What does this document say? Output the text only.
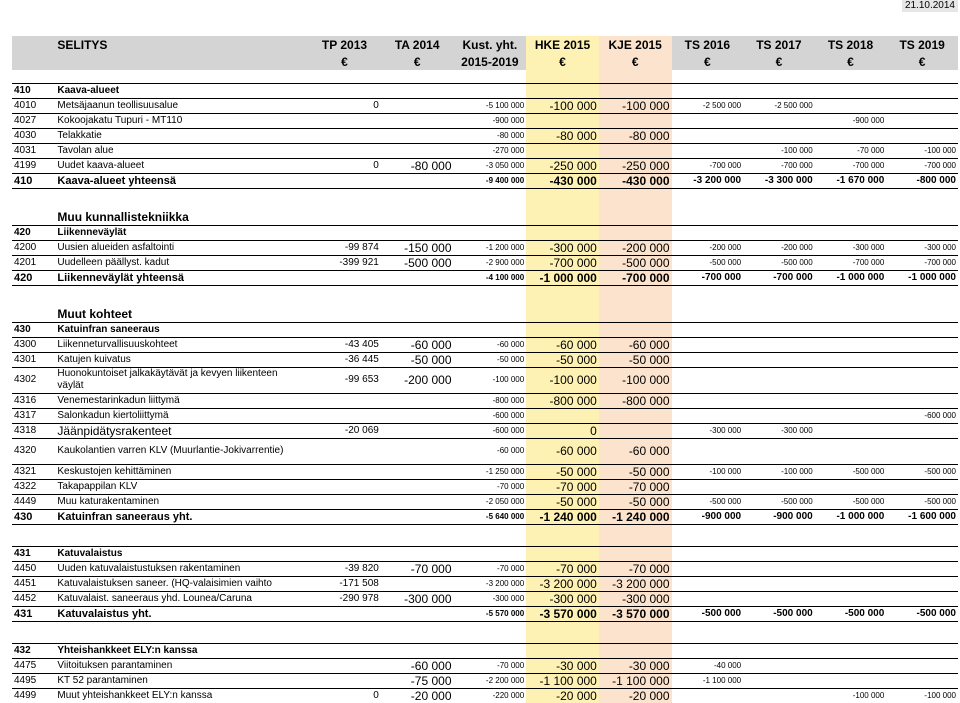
21.10.2014
	SELITYS	TP 2013	TA 2014	Kust. yht.	HKE 2015	KJE 2015	TS 2016	TS 2017	TS 2018	TS 2019
		€	€	2015-2019	€	€	€	€	€	€

410	Kaava-alueet									
4010	Metsäjaanun teollisuusalue	0		-5 100 000	-100 000	-100 000	-2 500 000	-2 500 000		
4027	Kokoojakatu Tupuri - MT110			-900 000					-900 000	
4030	Telakkatie			-80 000	-80 000	-80 000				
4031	Tavolan alue			-270 000				-100 000	-70 000	-100 000
4199	Uudet kaava-alueet	0	-80 000	-3 050 000	-250 000	-250 000	-700 000	-700 000	-700 000	-700 000
410	Kaava-alueet yhteensä			-9 400 000	-430 000	-430 000	-3 200 000	-3 300 000	-1 670 000	-800 000

	Muu kunnallistekniikka									
420	Liikenneväylät									
4200	Uusien alueiden asfaltointi	-99 874	-150 000	-1 200 000	-300 000	-200 000	-200 000	-200 000	-300 000	-300 000
4201	Uudelleen päällyst. kadut	-399 921	-500 000	-2 900 000	-700 000	-500 000	-500 000	-500 000	-700 000	-700 000
420	Liikenneväylät yhteensä			-4 100 000	-1 000 000	-700 000	-700 000	-700 000	-1 000 000	-1 000 000

	Muut kohteet									
430	Katuinfran saneeraus									
4300	Liikenneturvallisuuskohteet	-43 405	-60 000	-60 000	-60 000	-60 000				
4301	Katujen kuivatus	-36 445	-50 000	-50 000	-50 000	-50 000				
4302	Huonokuntoiset jalkakäytävät ja kevyen liikenteen väylät	-99 653	-200 000	-100 000	-100 000	-100 000				
4316	Venemestarinkadun liittymä			-800 000	-800 000	-800 000				
4317	Salonkadun kiertoliittymä			-600 000						-600 000
4318	Jäänpidätysrakenteet	-20 069		-600 000	0		-300 000	-300 000		
4320	Kaukolantien varren KLV (Muurlantie-Jokivarrentie)			-60 000	-60 000	-60 000				
4321	Keskustojen kehittäminen			-1 250 000	-50 000	-50 000	-100 000	-100 000	-500 000	-500 000
4322	Takapappilan KLV			-70 000	-70 000	-70 000				
4449	Muu katurakentaminen			-2 050 000	-50 000	-50 000	-500 000	-500 000	-500 000	-500 000
430	Katuinfran saneeraus yht.			-5 640 000	-1 240 000	-1 240 000	-900 000	-900 000	-1 000 000	-1 600 000

431	Katuvalaistus									
4450	Uuden katuvalaistustuksen rakentaminen	-39 820	-70 000	-70 000	-70 000	-70 000				
4451	Katuvalaistuksen saneer. (HQ-valaisimien vaihto	-171 508		-3 200 000	-3 200 000	-3 200 000				
4452	Katuvalaist. saneeraus yhd. Lounea/Caruna	-290 978	-300 000	-300 000	-300 000	-300 000				
431	Katuvalaistus yht.			-5 570 000	-3 570 000	-3 570 000	-500 000	-500 000	-500 000	-500 000

432	Yhteishankkeet ELY:n kanssa									
4475	Viitoituksen parantaminen		-60 000	-70 000	-30 000	-30 000	-40 000			
4495	KT 52 parantaminen		-75 000	-2 200 000	-1 100 000	-1 100 000	-1 100 000			
4499	Muut yhteishankkeet ELY:n kanssa	0	-20 000	-220 000	-20 000	-20 000			-100 000	-100 000
